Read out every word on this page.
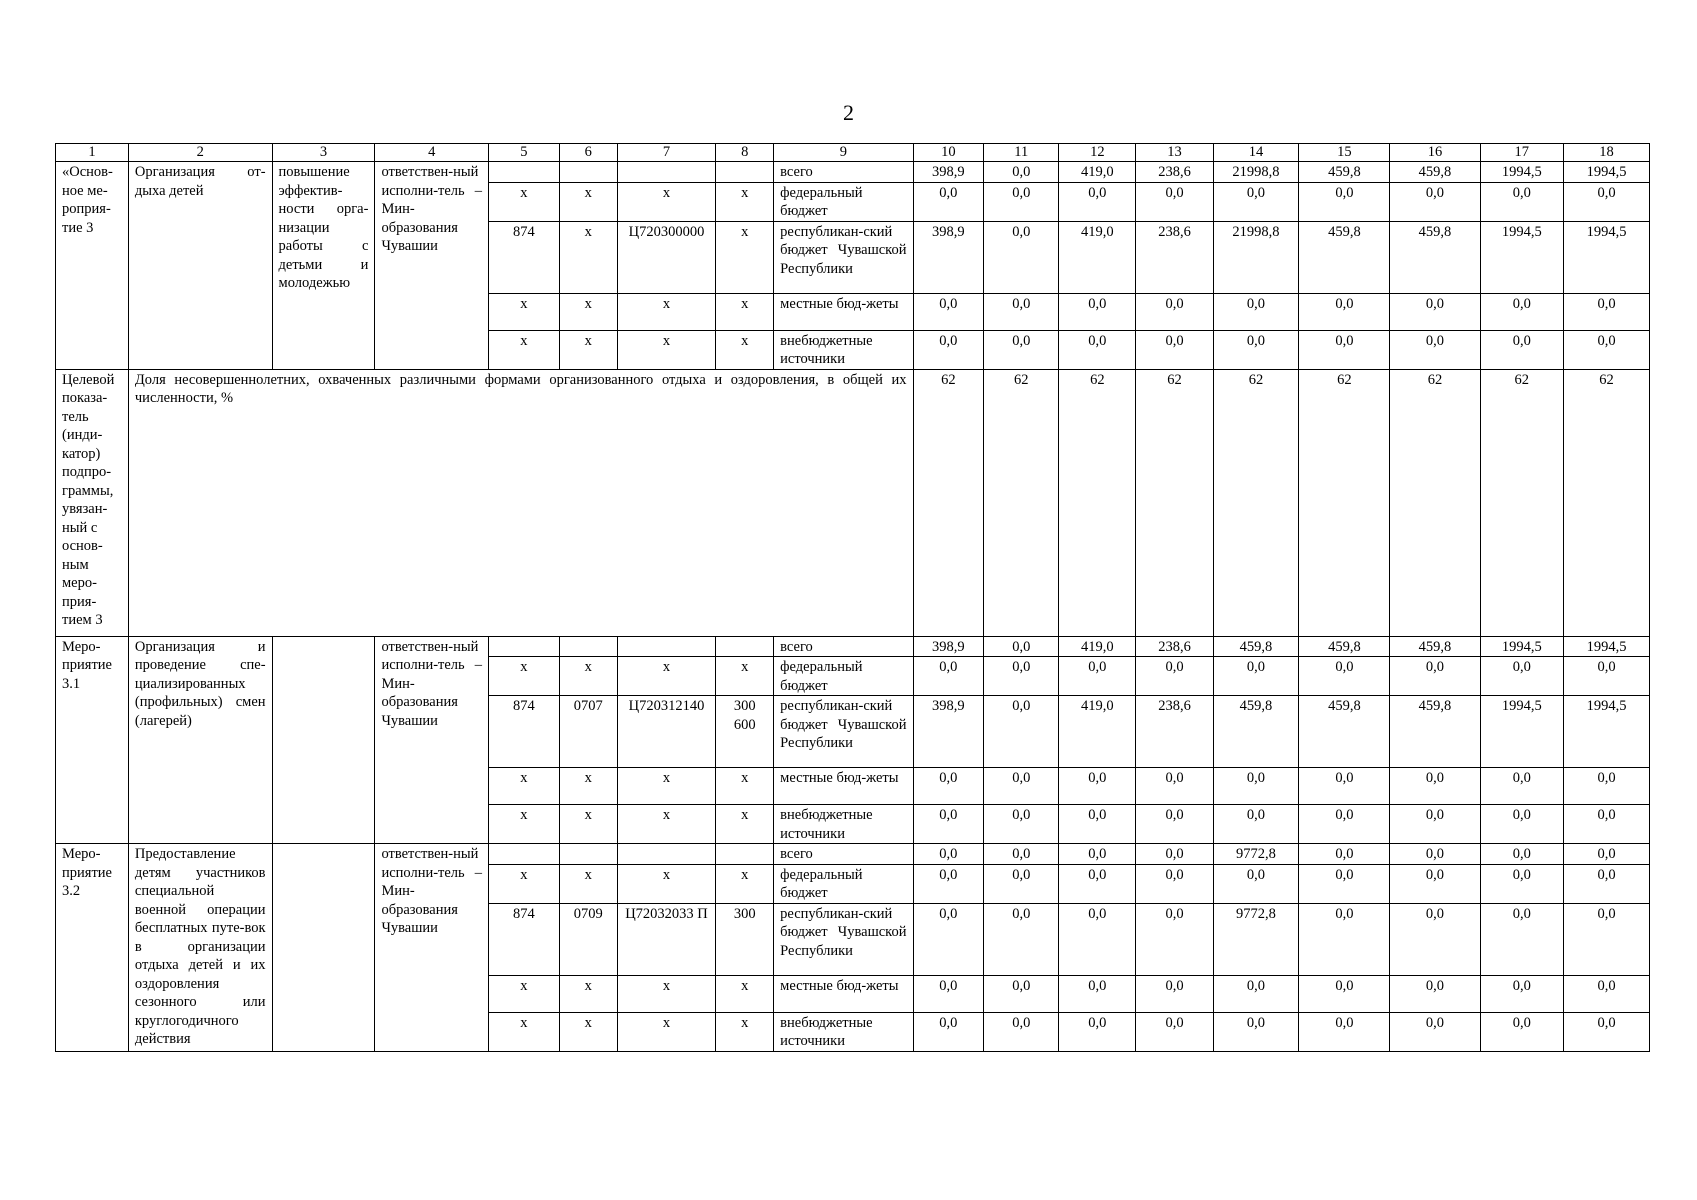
2
1	2	3	4	5	6	7	8	9	10	11	12	13	14	15	16	17	18
«Основ-ное ме-роприя-тие 3	Организация от-дыха детей	повышение эффектив-ности орга-низации работы с детьми и молодежью	ответствен-ный исполни-тель – Мин-образования Чувашии					всего	398,9	0,0	419,0	238,6	21998,8	459,8	459,8	1994,5	1994,5
				х	х	х	х	федеральный бюджет	0,0	0,0	0,0	0,0	0,0	0,0	0,0	0,0	0,0
				874	х	Ц720300000	х	республикан-ский бюджет Чувашской Республики	398,9	0,0	419,0	238,6	21998,8	459,8	459,8	1994,5	1994,5
				х	х	х	х	местные бюд-жеты	0,0	0,0	0,0	0,0	0,0	0,0	0,0	0,0	0,0
				х	х	х	х	внебюджетные источники	0,0	0,0	0,0	0,0	0,0	0,0	0,0	0,0	0,0
Целевой показа-тель (инди-катор) подпро-граммы, увязан-ный с основ-ным меро-прия-тием 3	Доля несовершеннолетних, охваченных различными формами организованного отдыха и оздоровления, в общей их численности, %								62	62	62	62	62	62	62	62	62
Меро-приятие 3.1	Организация и проведение спе-циализированных (профильных) смен (лагерей)		ответствен-ный исполни-тель – Мин-образования Чувашии					всего	398,9	0,0	419,0	238,6	459,8	459,8	459,8	1994,5	1994,5
				х	х	х	х	федеральный бюджет	0,0	0,0	0,0	0,0	0,0	0,0	0,0	0,0	0,0
				874	0707	Ц720312140	300 600	республикан-ский бюджет Чувашской Республики	398,9	0,0	419,0	238,6	459,8	459,8	459,8	1994,5	1994,5
				х	х	х	х	местные бюд-жеты	0,0	0,0	0,0	0,0	0,0	0,0	0,0	0,0	0,0
				х	х	х	х	внебюджетные источники	0,0	0,0	0,0	0,0	0,0	0,0	0,0	0,0	0,0
Меро-приятие 3.2	Предоставление детям участников специальной военной операции бесплатных путе-вок в организации отдыха детей и их оздоровления сезонного или круглогодичного действия		ответствен-ный исполни-тель – Мин-образования Чувашии					всего	0,0	0,0	0,0	0,0	9772,8	0,0	0,0	0,0	0,0
				х	х	х	х	федеральный бюджет	0,0	0,0	0,0	0,0	0,0	0,0	0,0	0,0	0,0
				874	0709	Ц72032033 П	300	республикан-ский бюджет Чувашской Республики	0,0	0,0	0,0	0,0	9772,8	0,0	0,0	0,0	0,0
				х	х	х	х	местные бюд-жеты	0,0	0,0	0,0	0,0	0,0	0,0	0,0	0,0	0,0
				х	х	х	х	внебюджетные источники	0,0	0,0	0,0	0,0	0,0	0,0	0,0	0,0	0,0
